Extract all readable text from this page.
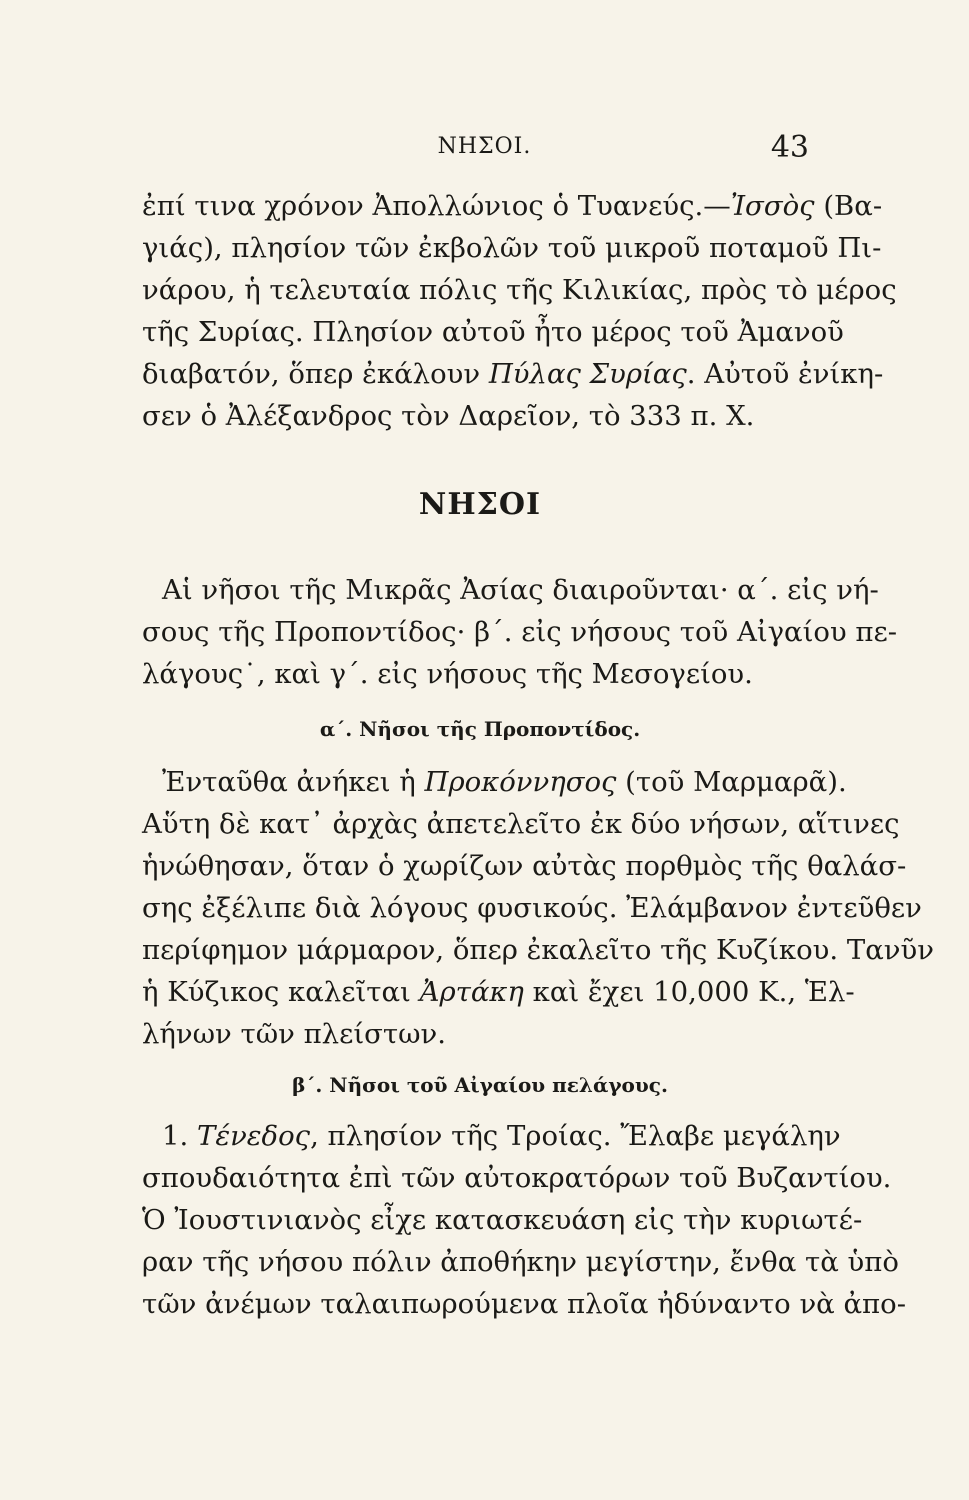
ΝΗΣΟΙ.	43
ἐπί τινα χρόνον Ἀπολλώνιος ὁ Τυανεύς.—Ἰσσὸς (Βα-
γιάς), πλησίον τῶν ἐκβολῶν τοῦ μικροῦ ποταμοῦ Πι-
νάρου, ἡ τελευταία πόλις τῆς Κιλικίας, πρὸς τὸ μέρος
τῆς Συρίας. Πλησίον αὐτοῦ ἦτο μέρος τοῦ Ἀμανοῦ
διαβατόν, ὅπερ ἐκάλουν Πύλας Συρίας. Αὐτοῦ ἐνίκη-
σεν ὁ Ἀλέξανδρος τὸν Δαρεῖον, τὸ 333 π. Χ.
ΝΗΣΟΙ
Αἱ νῆσοι τῆς Μικρᾶς Ἀσίας διαιροῦνται· α΄. εἰς νή-
σους τῆς Προποντίδος· β΄. εἰς νήσους τοῦ Αἰγαίου πε-
λάγους˙, καὶ γ΄. εἰς νήσους τῆς Μεσογείου.
α΄. Νῆσοι τῆς Προποντίδος.
Ἐνταῦθα ἀνήκει ἡ Προκόννησος (τοῦ Μαρμαρᾶ).
Αὕτη δὲ κατ᾽ ἀρχὰς ἀπετελεῖτο ἐκ δύο νήσων, αἵτινες
ἡνώθησαν, ὅταν ὁ χωρίζων αὐτὰς πορθμὸς τῆς θαλάσ-
σης ἐξέλιπε διὰ λόγους φυσικούς. Ἐλάμβανον ἐντεῦθεν
περίφημον μάρμαρον, ὅπερ ἐκαλεῖτο τῆς Κυζίκου. Τανῦν
ἡ Κύζικος καλεῖται Ἀρτάκη καὶ ἔχει 10,000 Κ., Ἑλ-
λήνων τῶν πλείστων.
β΄. Νῆσοι τοῦ Αἰγαίου πελάγους.
1. Τένεδος, πλησίον τῆς Τροίας. Ἔλαβε μεγάλην
σπουδαιότητα ἐπὶ τῶν αὐτοκρατόρων τοῦ Βυζαντίου.
Ὁ Ἰουστινιανὸς εἶχε κατασκευάση εἰς τὴν κυριωτέ-
ραν τῆς νήσου πόλιν ἀποθήκην μεγίστην, ἔνθα τὰ ὑπὸ
τῶν ἀνέμων ταλαιπωρούμενα πλοῖα ἠδύναντο νὰ ἀπο-
